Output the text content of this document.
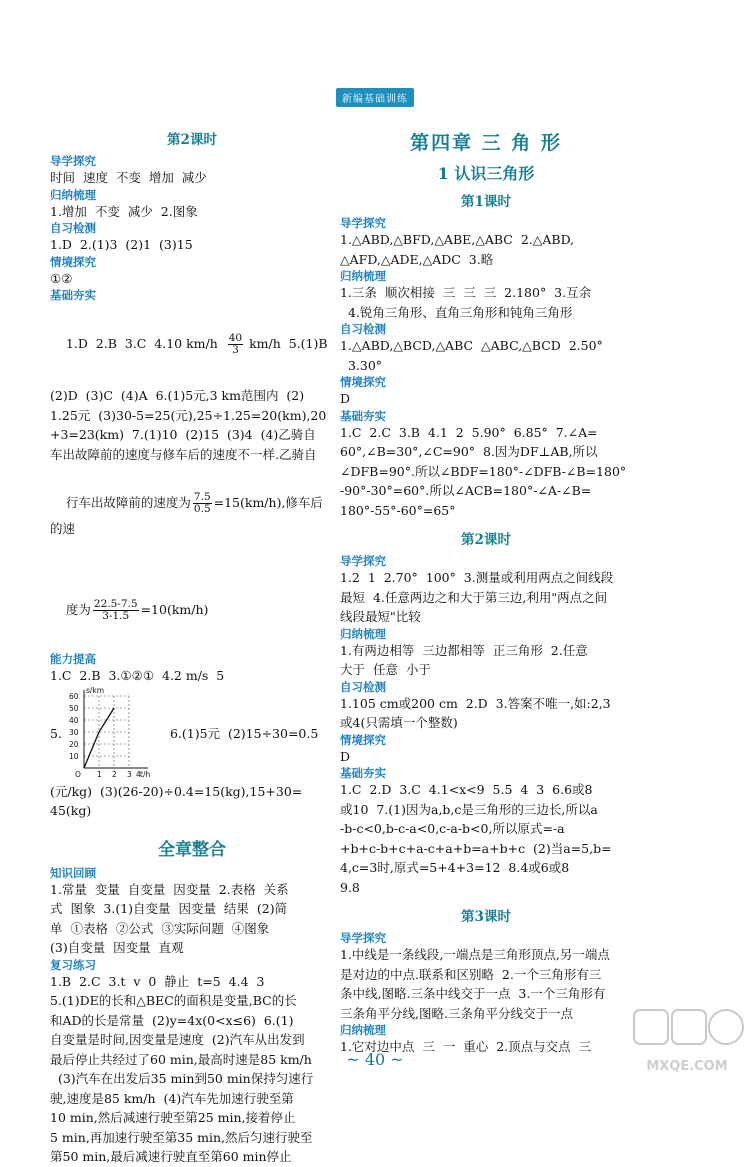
新编基础训练
第2课时
导学探究
时间  速度  不变  增加  减少
归纳梳理
1.增加  不变  减少  2.图象
自习检测
1.D  2.(1)3  (2)1  (3)15
情境探究
①②
基础夯实

1.D  2.B  3.C  4.10 $km/h \frac{40}{3} km/h$  5.(1)B

(2)D  (3)C  (4)A  6.(1)5元,3 km范围内  (2)
1.25元  (3)30-5=25(元),25÷1.25=20(km),20
+3=23(km)  7.(1)10  (2)15  (3)4  (4)乙骑自
车出故障前的速度与修车后的速度不一样.乙骑自

行车出故障前的速度为 $\frac{7.5}{0.5} =15(km/h)$,修车后的速

度为 $\frac{22.5-7.5}{3-1.5} =10(km/h)$

能力提高
1.C  2.B  3.①②①  4.2 m/s  5
5.
s/km
t/h
O
10
20
30
40
50
60
1 2 3 4
6.(1)5元  (2)15÷30=0.5
(元/kg)  (3)(26-20)÷0.4=15(kg),15+30=
45(kg)
全章整合
知识回顾
1.常量  变量  自变量  因变量  2.表格  关系
式  图象  3.(1)自变量  因变量  结果  (2)简
单  ①表格  ②公式  ③实际问题  ④图象
(3)自变量  因变量  直观
复习练习
1.B  2.C  3.t  v  0  静止  t=5  4.4  3
5.(1)DE的长和△BEC的面积是变量,BC的长
和AD的长是常量  (2)y=4x(0<x≤6)  6.(1)
自变量是时间,因变量是速度  (2)汽车从出发到
最后停止共经过了60 min,最高时速是85 km/h
(3)汽车在出发后35 min到50 min保持匀速行
驶,速度是85 km/h  (4)汽车先加速行驶至第
10 min,然后减速行驶至第25 min,接着停止
5 min,再加速行驶至第35 min,然后匀速行驶至
第50 min,最后减速行驶直至第60 min停止
第四章 三 角 形
1 认识三角形
第1课时
导学探究
1.△ABD,△BFD,△ABE,△ABC  2.△ABD,
△AFD,△ADE,△ADC  3.略
归纳梳理
1.三条  顺次相接  三  三  三  2.180°  3.互余
4.锐角三角形、直角三角形和钝角三角形
自习检测
1.△ABD,△BCD,△ABC  △ABC,△BCD  2.50°
3.30°
情境探究
D
基础夯实
1.C  2.C  3.B  4.1  2  5.90°  6.85°  7.∠A=
60°,∠B=30°,∠C=90°  8.因为DF⊥AB,所以
∠DFB=90°.所以∠BDF=180°-∠DFB-∠B=180°
-90°-30°=60°.所以∠ACB=180°-∠A-∠B=
180°-55°-60°=65°
第2课时
导学探究
1.2  1  2.70°  100°  3.测量或利用两点之间线段
最短  4.任意两边之和大于第三边,利用"两点之间
线段最短"比较
归纳梳理
1.有两边相等  三边都相等  正三角形  2.任意
大于  任意  小于
自习检测
1.105 cm或200 cm  2.D  3.答案不唯一,如:2,3
或4(只需填一个整数)
情境探究
D
基础夯实
1.C  2.D  3.C  4.1<x<9  5.5  4  3  6.6或8
或10  7.(1)因为a,b,c是三角形的三边长,所以a
-b-c<0,b-c-a<0,c-a-b<0,所以原式=-a
+b+c-b+c+a-c+a+b=a+b+c  (2)当a=5,b=
4,c=3时,原式=5+4+3=12  8.4或6或8
9.8
第3课时
导学探究
1.中线是一条线段,一端点是三角形顶点,另一端点
是对边的中点.联系和区别略  2.一个三角形有三
条中线,图略.三条中线交于一点  3.一个三角形有
三条角平分线,图略.三条角平分线交于一点
归纳梳理
1.它对边中点  三  一  重心  2.顶点与交点  三
~ 40 ~	MXQE.COM
